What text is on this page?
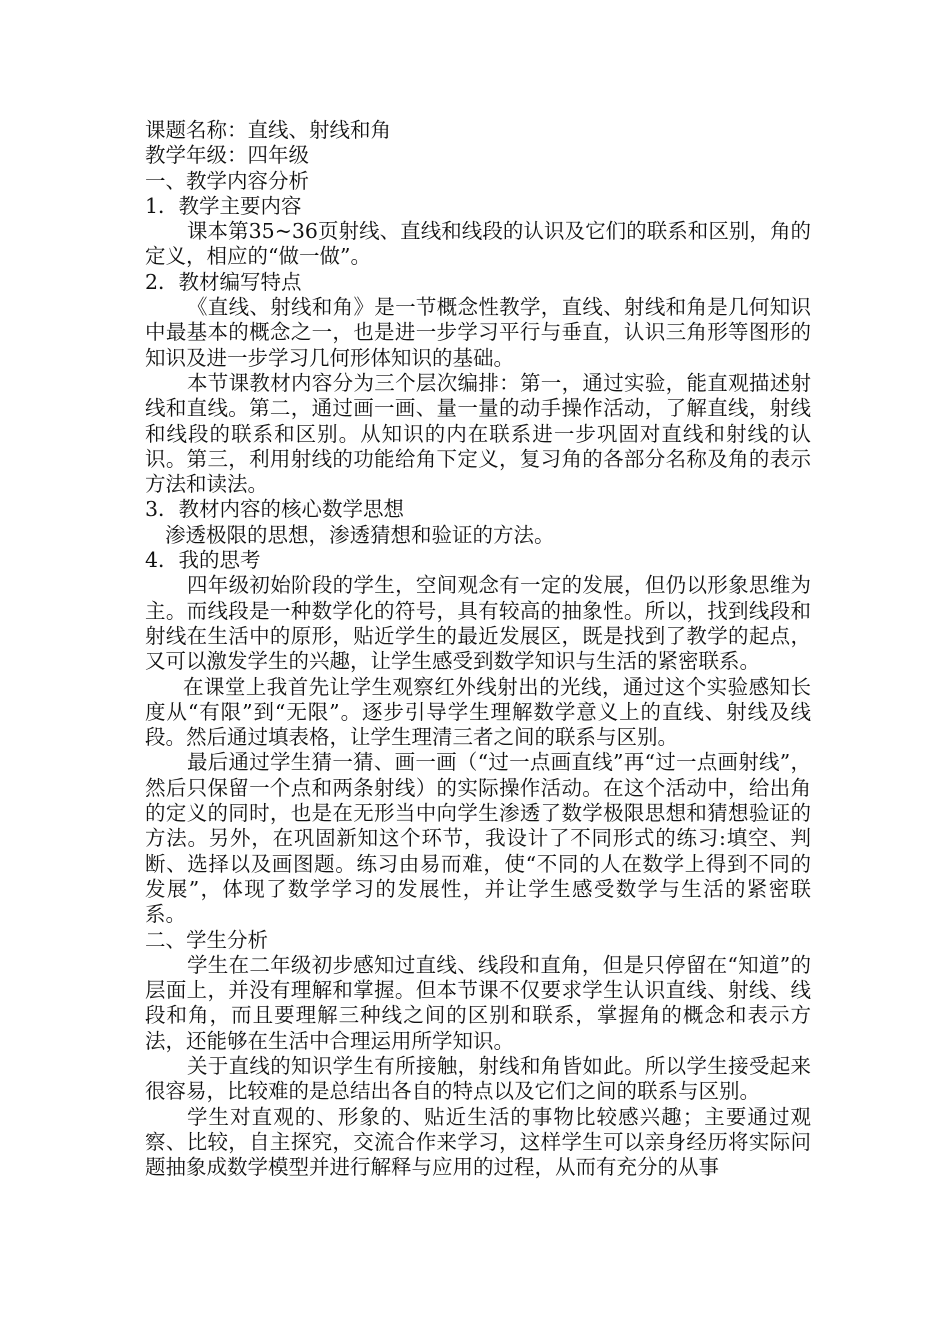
课题名称：直线、射线和角

教学年级：四年级

一、教学内容分析

1．教学主要内容

课本第35~36页射线、直线和线段的认识及它们的联系和区别，角的定义，相应的“做一做”。

2．教材编写特点

《直线、射线和角》是一节概念性教学，直线、射线和角是几何知识中最基本的概念之一，也是进一步学习平行与垂直，认识三角形等图形的知识及进一步学习几何形体知识的基础。

本节课教材内容分为三个层次编排：第一，通过实验，能直观描述射线和直线。第二，通过画一画、量一量的动手操作活动，了解直线，射线和线段的联系和区别。从知识的内在联系进一步巩固对直线和射线的认识。第三，利用射线的功能给角下定义，复习角的各部分名称及角的表示方法和读法。

3．教材内容的核心数学思想

渗透极限的思想，渗透猜想和验证的方法。

4．我的思考

四年级初始阶段的学生，空间观念有一定的发展，但仍以形象思维为主。而线段是一种数学化的符号，具有较高的抽象性。所以，找到线段和射线在生活中的原形，贴近学生的最近发展区，既是找到了教学的起点，又可以激发学生的兴趣，让学生感受到数学知识与生活的紧密联系。

在课堂上我首先让学生观察红外线射出的光线，通过这个实验感知长度从“有限”到“无限”。逐步引导学生理解数学意义上的直线、射线及线段。然后通过填表格，让学生理清三者之间的联系与区别。

最后通过学生猜一猜、画一画（“过一点画直线”再“过一点画射线”，然后只保留一个点和两条射线）的实际操作活动。在这个活动中，给出角的定义的同时，也是在无形当中向学生渗透了数学极限思想和猜想验证的方法。另外，在巩固新知这个环节，我设计了不同形式的练习:填空、判断、选择以及画图题。练习由易而难，使“不同的人在数学上得到不同的发展”，体现了数学学习的发展性，并让学生感受数学与生活的紧密联系。

二、学生分析

学生在二年级初步感知过直线、线段和直角，但是只停留在“知道”的层面上，并没有理解和掌握。但本节课不仅要求学生认识直线、射线、线段和角，而且要理解三种线之间的区别和联系，掌握角的概念和表示方法，还能够在生活中合理运用所学知识。

关于直线的知识学生有所接触，射线和角皆如此。所以学生接受起来很容易，比较难的是总结出各自的特点以及它们之间的联系与区别。

学生对直观的、形象的、贴近生活的事物比较感兴趣；主要通过观察、比较，自主探究，交流合作来学习，这样学生可以亲身经历将实际问题抽象成数学模型并进行解释与应用的过程，从而有充分的从事
